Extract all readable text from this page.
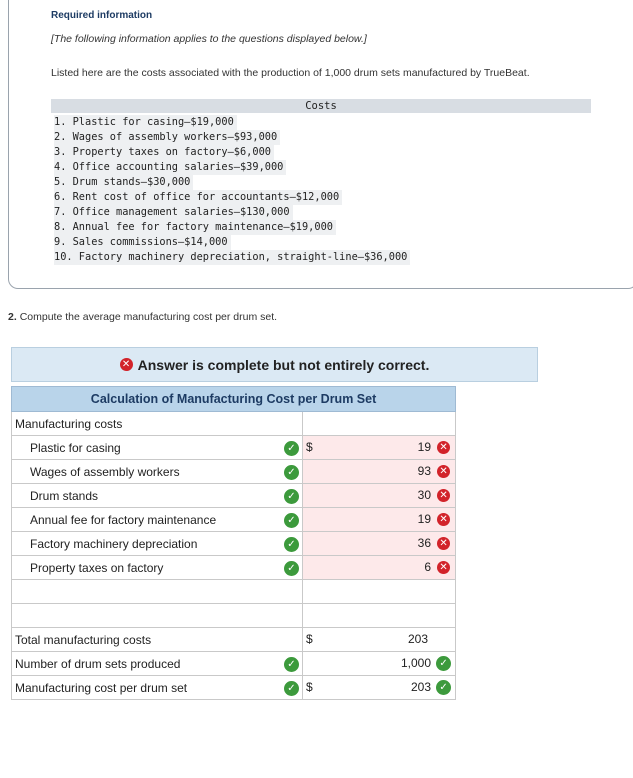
Required information
[The following information applies to the questions displayed below.]
Listed here are the costs associated with the production of 1,000 drum sets manufactured by TrueBeat.
Costs
1. Plastic for casing—$19,000
2. Wages of assembly workers—$93,000
3. Property taxes on factory—$6,000
4. Office accounting salaries—$39,000
5. Drum stands—$30,000
6. Rent cost of office for accountants—$12,000
7. Office management salaries—$130,000
8. Annual fee for factory maintenance—$19,000
9. Sales commissions—$14,000
10. Factory machinery depreciation, straight-line—$36,000
2. Compute the average manufacturing cost per drum set.
✕ Answer is complete but not entirely correct.
Calculation of Manufacturing Cost per Drum Set		
Manufacturing costs		
Plastic for casing	✓	$ 19 ✕

Wages of assembly workers	✓	93 ✕

Drum stands	✓	30 ✕

Annual fee for factory maintenance	✓	19 ✕

Factory machinery depreciation	✓	36 ✕

Property taxes on factory	✓	6 ✕

Total manufacturing costs		$ 203

Number of drum sets produced	✓	1,000 ✓

Manufacturing cost per drum set	✓	$ 203 ✓
